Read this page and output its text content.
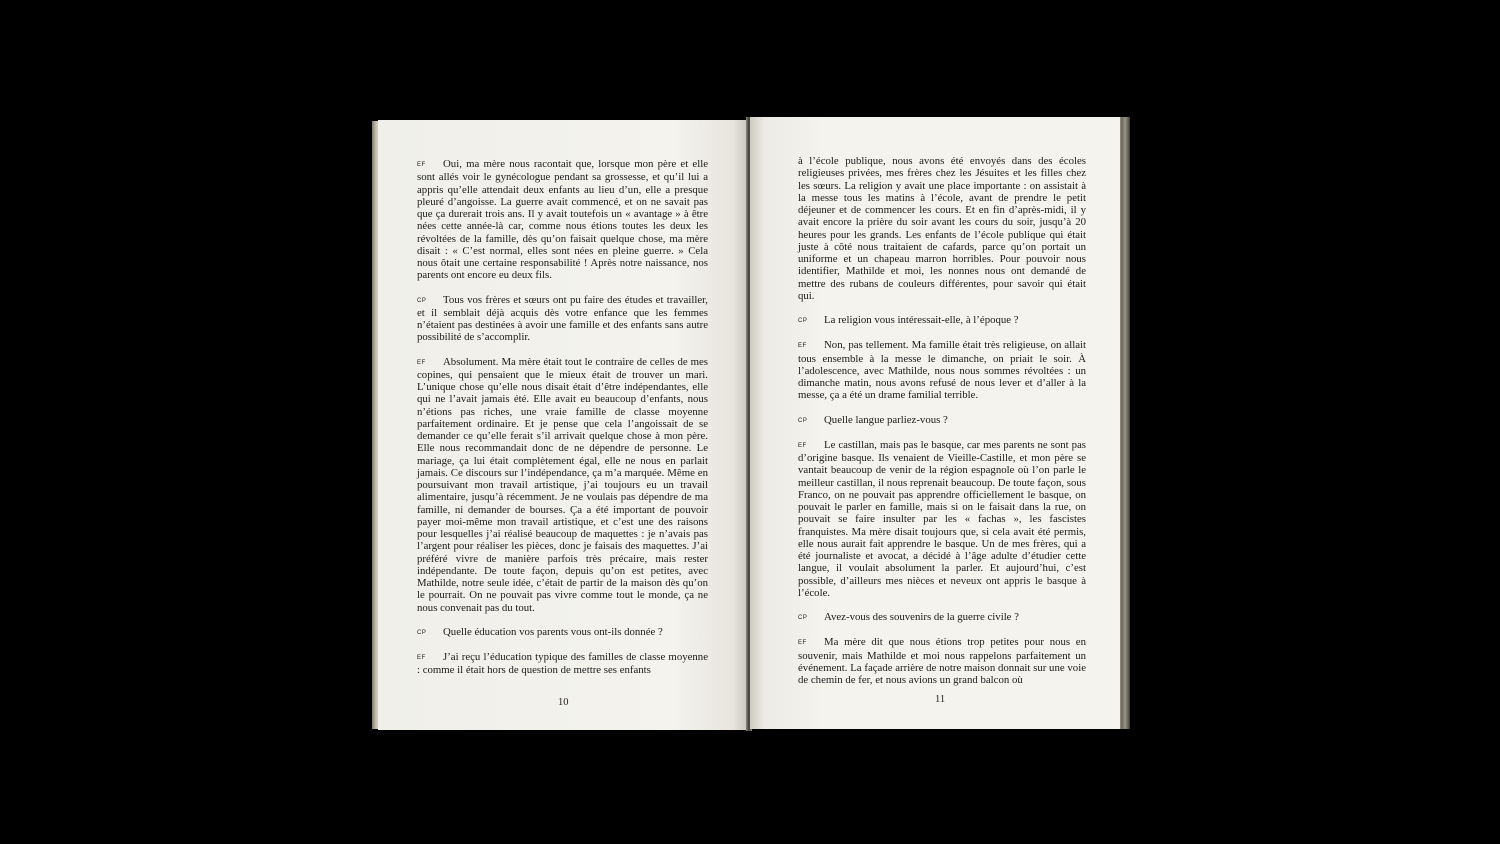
EF Oui, ma mère nous racontait que, lorsque mon père et elle sont allés voir le gynécologue pendant sa grossesse, et qu’il lui a appris qu’elle attendait deux enfants au lieu d’un, elle a presque pleuré d’angoisse. La guerre avait commencé, et on ne savait pas que ça durerait trois ans. Il y avait toutefois un « avantage » à être nées cette année-là car, comme nous étions toutes les deux les révoltées de la famille, dès qu’on faisait quelque chose, ma mère disait : « C’est normal, elles sont nées en pleine guerre. » Cela nous ôtait une certaine responsabilité ! Après notre naissance, nos parents ont encore eu deux fils.

CP Tous vos frères et sœurs ont pu faire des études et travailler, et il semblait déjà acquis dès votre enfance que les femmes n’étaient pas destinées à avoir une famille et des enfants sans autre possibilité de s’accomplir.

EF Absolument. Ma mère était tout le contraire de celles de mes copines, qui pensaient que le mieux était de trouver un mari. L’unique chose qu’elle nous disait était d’être indépendantes, elle qui ne l’avait jamais été. Elle avait eu beaucoup d’enfants, nous n’étions pas riches, une vraie famille de classe moyenne parfaitement ordinaire. Et je pense que cela l’angoissait de se demander ce qu’elle ferait s’il arrivait quelque chose à mon père. Elle nous recommandait donc de ne dépendre de personne. Le mariage, ça lui était complètement égal, elle ne nous en parlait jamais. Ce discours sur l’indépendance, ça m’a marquée. Même en poursuivant mon travail artistique, j’ai toujours eu un travail alimentaire, jusqu’à récemment. Je ne voulais pas dépendre de ma famille, ni demander de bourses. Ça a été important de pouvoir payer moi-même mon travail artistique, et c’est une des raisons pour lesquelles j’ai réalisé beaucoup de maquettes : je n’avais pas l’argent pour réaliser les pièces, donc je faisais des maquettes. J’ai préféré vivre de manière parfois très précaire, mais rester indépendante. De toute façon, depuis qu’on est petites, avec Mathilde, notre seule idée, c’était de partir de la maison dès qu’on le pourrait. On ne pouvait pas vivre comme tout le monde, ça ne nous convenait pas du tout.

CP Quelle éducation vos parents vous ont-ils donnée ?

EF J’ai reçu l’éducation typique des familles de classe moyenne : comme il était hors de question de mettre ses enfants

10

à l’école publique, nous avons été envoyés dans des écoles religieuses privées, mes frères chez les Jésuites et les filles chez les sœurs. La religion y avait une place importante : on assistait à la messe tous les matins à l’école, avant de prendre le petit déjeuner et de commencer les cours. Et en fin d’après-midi, il y avait encore la prière du soir avant les cours du soir, jusqu’à 20 heures pour les grands. Les enfants de l’école publique qui était juste à côté nous traitaient de cafards, parce qu’on portait un uniforme et un chapeau marron horribles. Pour pouvoir nous identifier, Mathilde et moi, les nonnes nous ont demandé de mettre des rubans de couleurs différentes, pour savoir qui était qui.

CP La religion vous intéressait-elle, à l’époque ?

EF Non, pas tellement. Ma famille était très religieuse, on allait tous ensemble à la messe le dimanche, on priait le soir. À l’adolescence, avec Mathilde, nous nous sommes révoltées : un dimanche matin, nous avons refusé de nous lever et d’aller à la messe, ça a été un drame familial terrible.

CP Quelle langue parliez-vous ?

EF Le castillan, mais pas le basque, car mes parents ne sont pas d’origine basque. Ils venaient de Vieille-Castille, et mon père se vantait beaucoup de venir de la région espagnole où l’on parle le meilleur castillan, il nous reprenait beaucoup. De toute façon, sous Franco, on ne pouvait pas apprendre officiellement le basque, on pouvait le parler en famille, mais si on le faisait dans la rue, on pouvait se faire insulter par les « fachas », les fascistes franquistes. Ma mère disait toujours que, si cela avait été permis, elle nous aurait fait apprendre le basque. Un de mes frères, qui a été journaliste et avocat, a décidé à l’âge adulte d’étudier cette langue, il voulait absolument la parler. Et aujourd’hui, c’est possible, d’ailleurs mes nièces et neveux ont appris le basque à l’école.

CP Avez-vous des souvenirs de la guerre civile ?

EF Ma mère dit que nous étions trop petites pour nous en souvenir, mais Mathilde et moi nous rappelons parfaitement un événement. La façade arrière de notre maison donnait sur une voie de chemin de fer, et nous avions un grand balcon où

11
